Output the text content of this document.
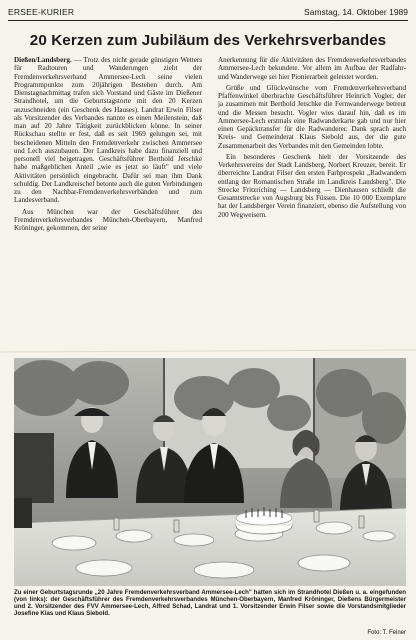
ERSEE-KURIER	Samstag, 14. Oktober 1989
20 Kerzen zum Jubiläum des Verkehrsverbandes

Dießen/Landsberg. — Trotz des nicht gerade günstigen Wetters für Radtouren und Wanderungen zieht der Fremdenverkehrsverband Ammersee-Lech seine vielen Programmpunkte zum 20jährigen Bestehen durch. Am Dienstagnachmittag trafen sich Vorstand und Gäste im Dießener Strandhotel, um die Geburtstagstorte mit den 20 Kerzen anzuschneiden (ein Geschenk des Hauses). Landrat Erwin Filser als Vorsitzender des Verbandes nannte es einen Meilenstein, daß man auf 20 Jahre Tätigkeit zurückblicken könne. In seiner Rückschau stellte er fest, daß es seit 1969 gelungen sei, mit bescheidenen Mitteln den Fremdenverkehr zwischen Ammersee und Lech auszubauen. Der Landkreis habe dazu finanziell und personell viel beigetragen. Geschäftsführer Berthold Jetschke habe maßgeblichen Anteil „wie es jetzt so läuft" und viele Aktivitäten persönlich eingebracht. Dafür sei man ihm Dank schuldig. Der Landkreischef betonte auch die guten Verbindungen zu den Nachbar-Fremdenverkehrsverbänden und zum Landesverband.

Aus München war der Geschäftsführer des Fremdenverkehrsverbandes München-Oberbayern, Manfred Kröninger, gekommen, der seine

Anerkennung für die Aktivitäten des Fremdenverkehrsverbandes Ammersee-Lech bekundete. Vor allem im Aufbau der Radfahr- und Wanderwege sei hier Pionierarbeit geleistet worden.

Grüße und Glückwünsche vom Fremdenverkehrsverband Pfaffenwinkel überbrachte Geschäftsführer Heinrich Vogler, der ja zusammen mit Berthold Jetschke die Fernwanderwege betreut und die Messen besucht. Vogler wies darauf hin, daß es im Ammersee-Lech erstmals eine Radwanderkarte gab und nur hier einen Gepäcktransfer für die Radwanderer. Dank sprach auch Kreis- und Gemeinderat Klaus Siebold aus, der die gute Zusammenarbeit des Verbandes mit den Gemeinden lobte.

Ein besonderes Geschenk hielt der Vorsitzende des Verkehrsvereins der Stadt Landsberg, Norbert Kreuzer, bereit. Er überreichte Landrat Filser den ersten Farbprospekt „Radwandern entlang der Romantischen Straße im Landkreis Landsberg". Die Strecke Fritzriching — Landsberg — Dienhausen schließt die Gesamtstrecke von Augsburg bis Füssen. Die 10 000 Exemplare hat der Landsberger Verein finanziert, ebenso die Aufstellung von 200 Wegweisern.

Zu einer Geburtstagsrunde „20 Jahre Fremdenverkehrsverband Ammersee-Lech" hatten sich im Strandhotel Dießen u. a. eingefunden (von links): der Geschäftsführer des Fremdenverkehrsverbandes München-Oberbayern, Manfred Kröninger, Dießens Bürgermeister und 2. Vorsitzender des FVV Ammersee-Lech, Alfred Schad, Landrat und 1. Vorsitzender Erwin Filser sowie die Vorstandsmitglieder Josefine Klas und Klaus Siebold.
Foto: T. Feiner
